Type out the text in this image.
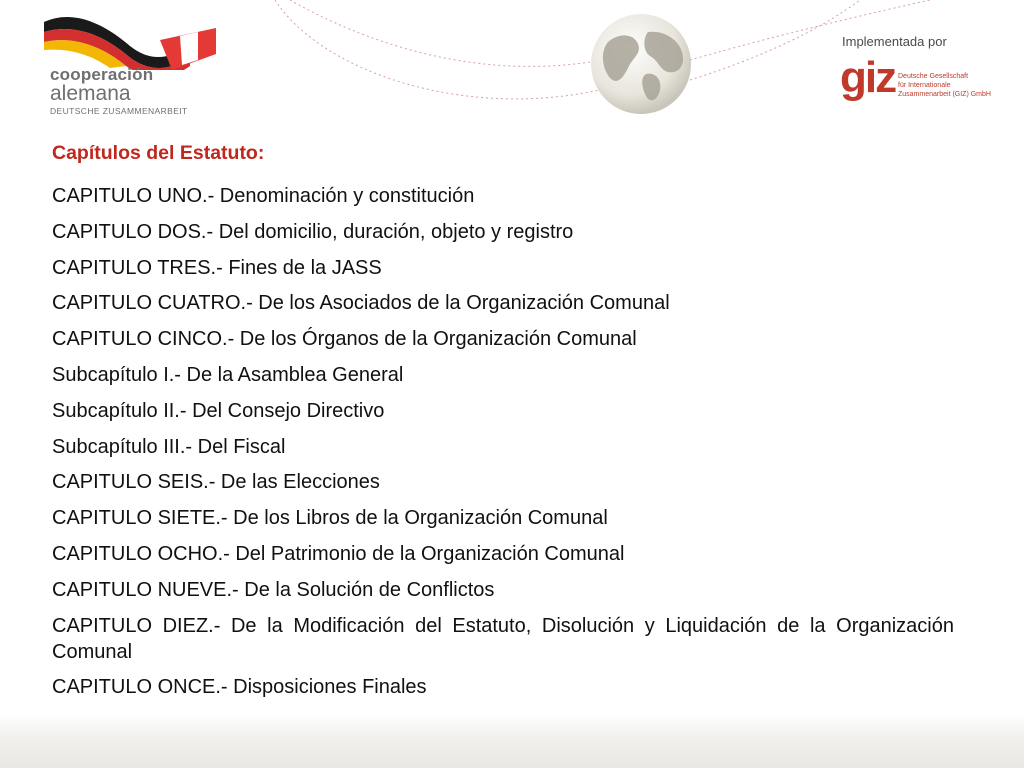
cooperación
alemana
DEUTSCHE ZUSAMMENARBEIT
Implementada por
giz Deutsche Gesellschaft
für Internationale
Zusammenarbeit (GIZ) GmbH
Capítulos del Estatuto:
CAPITULO UNO.- Denominación y constitución
CAPITULO DOS.- Del domicilio, duración, objeto y registro
CAPITULO TRES.- Fines de la JASS
CAPITULO CUATRO.- De los Asociados de la Organización Comunal
CAPITULO CINCO.- De los Órganos de la Organización Comunal
Subcapítulo I.- De la Asamblea General
Subcapítulo II.- Del Consejo Directivo
Subcapítulo III.- Del Fiscal
CAPITULO SEIS.- De las Elecciones
CAPITULO SIETE.- De los Libros de la Organización Comunal
CAPITULO OCHO.- Del Patrimonio de la Organización Comunal
CAPITULO NUEVE.- De la Solución de Conflictos
CAPITULO DIEZ.- De la Modificación del Estatuto, Disolución y Liquidación de la Organización Comunal
CAPITULO ONCE.- Disposiciones Finales
